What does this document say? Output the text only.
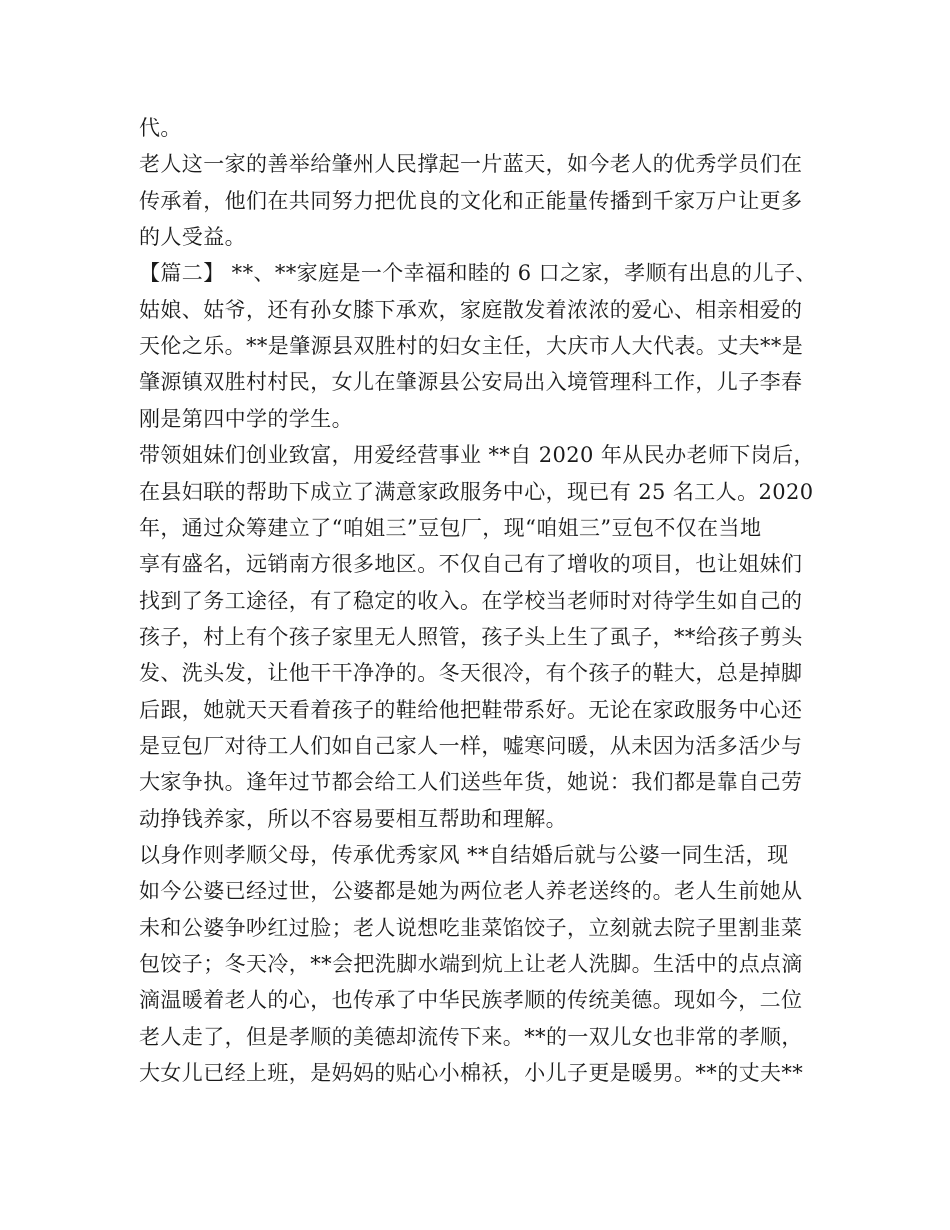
代。
老人这一家的善举给肇州人民撑起一片蓝天，如今老人的优秀学员们在
传承着，他们在共同努力把优良的文化和正能量传播到千家万户让更多
的人受益。
【篇二】 **、**家庭是一个幸福和睦的 6 口之家，孝顺有出息的儿子、
姑娘、姑爷，还有孙女膝下承欢，家庭散发着浓浓的爱心、相亲相爱的
天伦之乐。**是肇源县双胜村的妇女主任，大庆市人大代表。丈夫**是
肇源镇双胜村村民，女儿在肇源县公安局出入境管理科工作，儿子李春
刚是第四中学的学生。
带领姐妹们创业致富，用爱经营事业 **自 2020 年从民办老师下岗后，
在县妇联的帮助下成立了满意家政服务中心，现已有 25 名工人。2020
年，通过众筹建立了“咱姐三”豆包厂，现“咱姐三”豆包不仅在当地
享有盛名，远销南方很多地区。不仅自己有了增收的项目，也让姐妹们
找到了务工途径，有了稳定的收入。在学校当老师时对待学生如自己的
孩子，村上有个孩子家里无人照管，孩子头上生了虱子，**给孩子剪头
发、洗头发，让他干干净净的。冬天很冷，有个孩子的鞋大，总是掉脚
后跟，她就天天看着孩子的鞋给他把鞋带系好。无论在家政服务中心还
是豆包厂对待工人们如自己家人一样，嘘寒问暖，从未因为活多活少与
大家争执。逢年过节都会给工人们送些年货，她说：我们都是靠自己劳
动挣钱养家，所以不容易要相互帮助和理解。
以身作则孝顺父母，传承优秀家风 **自结婚后就与公婆一同生活，现
如今公婆已经过世，公婆都是她为两位老人养老送终的。老人生前她从
未和公婆争吵红过脸；老人说想吃韭菜馅饺子，立刻就去院子里割韭菜
包饺子；冬天冷，**会把洗脚水端到炕上让老人洗脚。生活中的点点滴
滴温暖着老人的心，也传承了中华民族孝顺的传统美德。现如今，二位
老人走了，但是孝顺的美德却流传下来。**的一双儿女也非常的孝顺，
大女儿已经上班，是妈妈的贴心小棉袄，小儿子更是暖男。**的丈夫**
